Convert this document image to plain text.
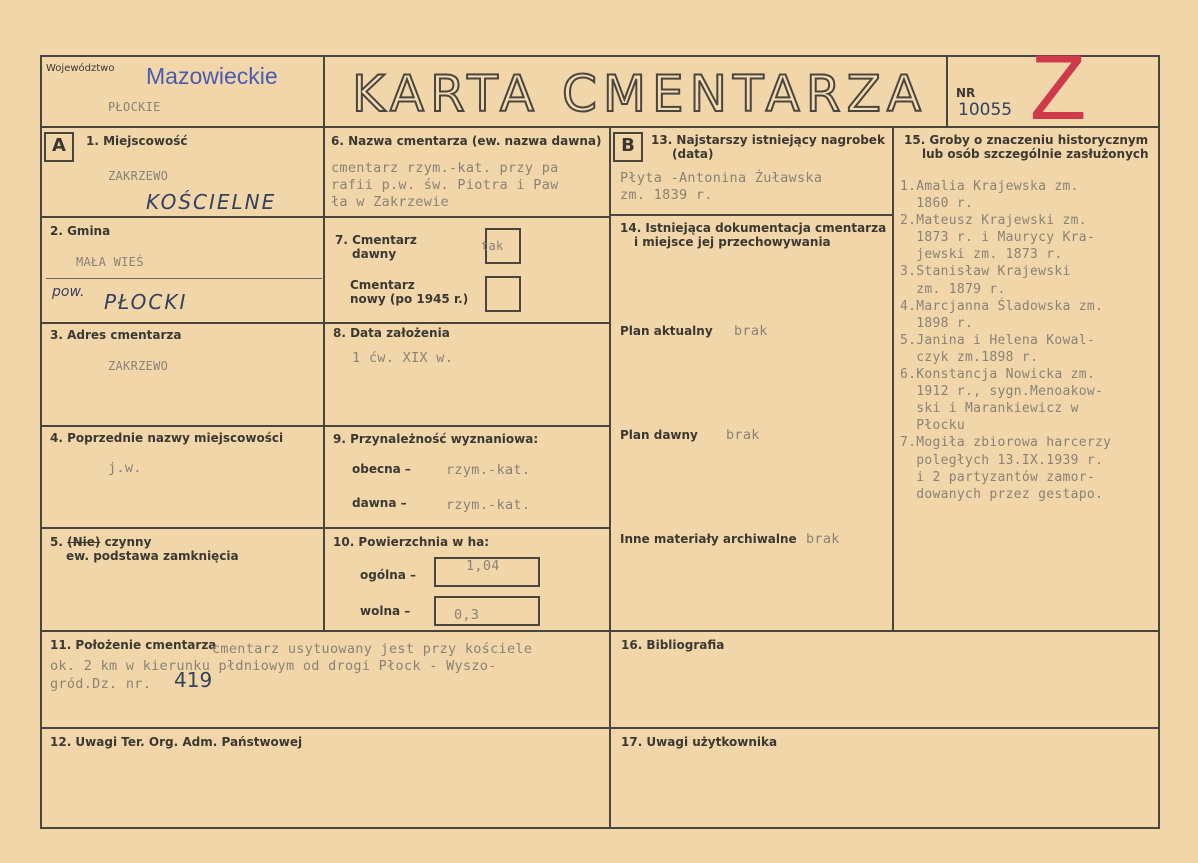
Województwo Mazowieckie
PŁOCKIE	KARTA CMENTARZA NR
10055 Z
A	B
1. Miejscowość
ZAKRZEWO
KOŚCIELNE
2. Gmina
MAŁA WIEŚ
pow. PŁOCKI
3. Adres cmentarza
ZAKRZEWO
4. Poprzednie nazwy miejscowości
j.w.
5. (Nie) czynny
ew. podstawa zamknięcia
6. Nazwa cmentarza (ew. nazwa dawna)
cmentarz rzym.-kat. przy pa
rafii p.w. św. Piotra i Paw
ła w Zakrzewie
7. Cmentarz
dawny
tak
Cmentarz
nowy (po 1945 r.)
8. Data założenia
1 ćw. XIX w.
9. Przynależność wyznaniowa:
obecna –	rzym.-kat.
dawna –	rzym.-kat.
10. Powierzchnia w ha:
ogólna –
1,04
wolna –	0,3
11. Położenie cmentarza
cmentarz usytuowany jest przy kościele
ok. 2 km w kierunku płdniowym od drogi Płock - Wyszo-
gród.Dz. nr. 419
12. Uwagi Ter. Org. Adm. Państwowej
13. Najstarszy istniejący nagrobek
(data)
Płyta -Antonina Żuławska
zm. 1839 r.
14. Istniejąca dokumentacja cmentarza
i miejsce jej przechowywania
Plan aktualny brak
Plan dawny brak
Inne materiały archiwalne brak
15. Groby o znaczeniu historycznym
lub osób szczególnie zasłużonych
1.Amalia Krajewska zm.
1860 r.
2.Mateusz Krajewski zm.
1873 r. i Maurycy Kra-
jewski zm. 1873 r.
3.Stanisław Krajewski
zm. 1879 r.
4.Marcjanna Śladowska zm.
1898 r.
5.Janina i Helena Kowal-
czyk zm.1898 r.
6.Konstancja Nowicka zm.
1912 r., sygn.Menoakow-
ski i Marankiewicz w
Płocku
7.Mogiła zbiorowa harcerzy
poległych 13.IX.1939 r.
i 2 partyzantów zamor-
dowanych przez gestapo.
16. Bibliografia
17. Uwagi użytkownika
